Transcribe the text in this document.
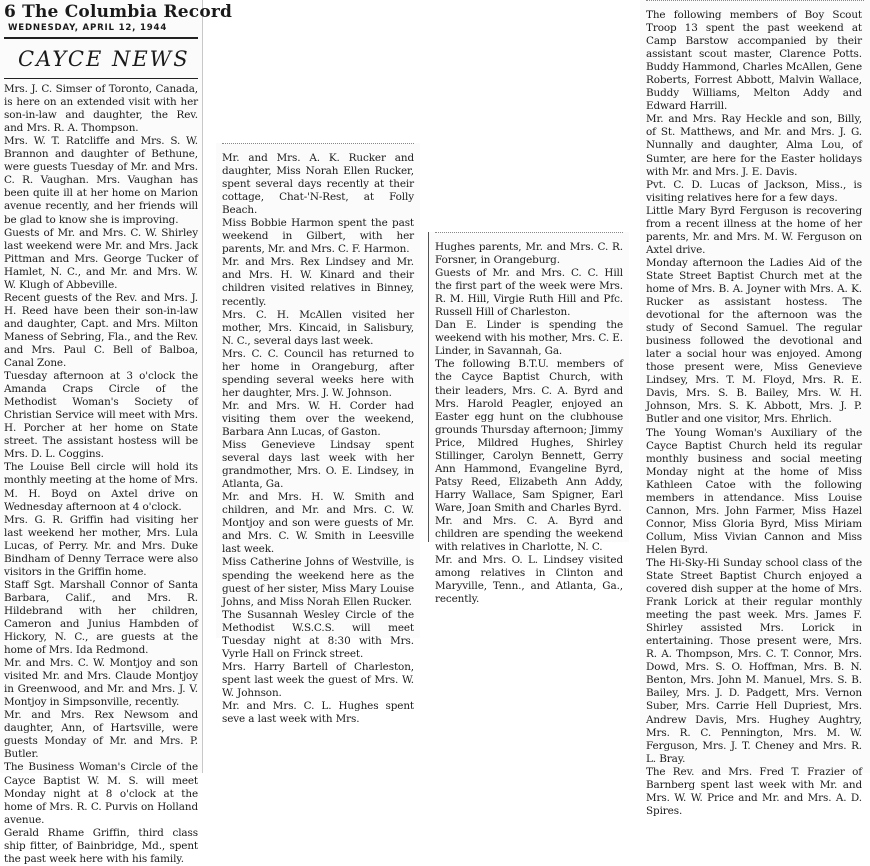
6 The Columbia Record
WEDNESDAY, APRIL 12, 1944
CAYCE NEWS

Mrs. J. C. Simser of Toronto, Canada, is here on an extended visit with her son-in-law and daughter, the Rev. and Mrs. R. A. Thompson.

Mrs. W. T. Ratcliffe and Mrs. S. W. Brannon and daughter of Bethune, were guests Tuesday of Mr. and Mrs. C. R. Vaughan. Mrs. Vaughan has been quite ill at her home on Marion avenue recently, and her friends will be glad to know she is improving.

Guests of Mr. and Mrs. C. W. Shirley last weekend were Mr. and Mrs. Jack Pittman and Mrs. George Tucker of Hamlet, N. C., and Mr. and Mrs. W. W. Klugh of Abbeville.

Recent guests of the Rev. and Mrs. J. H. Reed have been their son-in-law and daughter, Capt. and Mrs. Milton Maness of Sebring, Fla., and the Rev. and Mrs. Paul C. Bell of Balboa, Canal Zone.

Tuesday afternoon at 3 o'clock the Amanda Craps Circle of the Methodist Woman's Society of Christian Service will meet with Mrs. H. Porcher at her home on State street. The assistant hostess will be Mrs. D. L. Coggins.

The Louise Bell circle will hold its monthly meeting at the home of Mrs. M. H. Boyd on Axtel drive on Wednesday afternoon at 4 o'clock.

Mrs. G. R. Griffin had visiting her last weekend her mother, Mrs. Lula Lucas, of Perry. Mr. and Mrs. Duke Bindham of Denny Terrace were also visitors in the Griffin home.

Staff Sgt. Marshall Connor of Santa Barbara, Calif., and Mrs. R. Hildebrand with her children, Cameron and Junius Hambden of Hickory, N. C., are guests at the home of Mrs. Ida Redmond.

Mr. and Mrs. C. W. Montjoy and son visited Mr. and Mrs. Claude Montjoy in Greenwood, and Mr. and Mrs. J. V. Montjoy in Simpsonville, recently.

Mr. and Mrs. Rex Newsom and daughter, Ann, of Hartsville, were guests Monday of Mr. and Mrs. P. Butler.

The Business Woman's Circle of the Cayce Baptist W. M. S. will meet Monday night at 8 o'clock at the home of Mrs. R. C. Purvis on Holland avenue.

Gerald Rhame Griffin, third class ship fitter, of Bainbridge, Md., spent the past week here with his family.

Mr. and Mrs. A. K. Rucker and daughter, Miss Norah Ellen Rucker, spent several days recently at their cottage, Chat-'N-Rest, at Folly Beach.

Miss Bobbie Harmon spent the past weekend in Gilbert, with her parents, Mr. and Mrs. C. F. Harmon.

Mr. and Mrs. Rex Lindsey and Mr. and Mrs. H. W. Kinard and their children visited relatives in Binney, recently.

Mrs. C. H. McAllen visited her mother, Mrs. Kincaid, in Salisbury, N. C., several days last week.

Mrs. C. C. Council has returned to her home in Orangeburg, after spending several weeks here with her daughter, Mrs. J. W. Johnson.

Mr. and Mrs. W. H. Corder had visiting them over the weekend, Barbara Ann Lucas, of Gaston.

Miss Genevieve Lindsay spent several days last week with her grandmother, Mrs. O. E. Lindsey, in Atlanta, Ga.

Mr. and Mrs. H. W. Smith and children, and Mr. and Mrs. C. W. Montjoy and son were guests of Mr. and Mrs. C. W. Smith in Leesville last week.

Miss Catherine Johns of Westville, is spending the weekend here as the guest of her sister, Miss Mary Louise Johns, and Miss Norah Ellen Rucker.

The Susannah Wesley Circle of the Methodist W.S.C.S. will meet Tuesday night at 8:30 with Mrs. Vyrle Hall on Frinck street.

Mrs. Harry Bartell of Charleston, spent last week the guest of Mrs. W. W. Johnson.

Mr. and Mrs. C. L. Hughes spent seve a last week with Mrs.

Hughes parents, Mr. and Mrs. C. R. Forsner, in Orangeburg.

Guests of Mr. and Mrs. C. C. Hill the first part of the week were Mrs. R. M. Hill, Virgie Ruth Hill and Pfc. Russell Hill of Charleston.

Dan E. Linder is spending the weekend with his mother, Mrs. C. E. Linder, in Savannah, Ga.

The following B.T.U. members of the Cayce Baptist Church, with their leaders, Mrs. C. A. Byrd and Mrs. Harold Peagler, enjoyed an Easter egg hunt on the clubhouse grounds Thursday afternoon; Jimmy Price, Mildred Hughes, Shirley Stillinger, Carolyn Bennett, Gerry Ann Hammond, Evangeline Byrd, Patsy Reed, Elizabeth Ann Addy, Harry Wallace, Sam Spigner, Earl Ware, Joan Smith and Charles Byrd.

Mr. and Mrs. C. A. Byrd and children are spending the weekend with relatives in Charlotte, N. C.

Mr. and Mrs. O. L. Lindsey visited among relatives in Clinton and Maryville, Tenn., and Atlanta, Ga., recently.

The following members of Boy Scout Troop 13 spent the past weekend at Camp Barstow accompanied by their assistant scout master, Clarence Potts. Buddy Hammond, Charles McAllen, Gene Roberts, Forrest Abbott, Malvin Wallace, Buddy Williams, Melton Addy and Edward Harrill.

Mr. and Mrs. Ray Heckle and son, Billy, of St. Matthews, and Mr. and Mrs. J. G. Nunnally and daughter, Alma Lou, of Sumter, are here for the Easter holidays with Mr. and Mrs. J. E. Davis.

Pvt. C. D. Lucas of Jackson, Miss., is visiting relatives here for a few days.

Little Mary Byrd Ferguson is recovering from a recent illness at the home of her parents, Mr. and Mrs. M. W. Ferguson on Axtel drive.

Monday afternoon the Ladies Aid of the State Street Baptist Church met at the home of Mrs. B. A. Joyner with Mrs. A. K. Rucker as assistant hostess. The devotional for the afternoon was the study of Second Samuel. The regular business followed the devotional and later a social hour was enjoyed. Among those present were, Miss Genevieve Lindsey, Mrs. T. M. Floyd, Mrs. R. E. Davis, Mrs. S. B. Bailey, Mrs. W. H. Johnson, Mrs. S. K. Abbott, Mrs. J. P. Butler and one visitor, Mrs. Ehrlich.

The Young Woman's Auxiliary of the Cayce Baptist Church held its regular monthly business and social meeting Monday night at the home of Miss Kathleen Catoe with the following members in attendance. Miss Louise Cannon, Mrs. John Farmer, Miss Hazel Connor, Miss Gloria Byrd, Miss Miriam Collum, Miss Vivian Cannon and Miss Helen Byrd.

The Hi-Sky-Hi Sunday school class of the State Street Baptist Church enjoyed a covered dish supper at the home of Mrs. Frank Lorick at their regular monthly meeting the past week. Mrs. James F. Shirley assisted Mrs. Lorick in entertaining. Those present were, Mrs. R. A. Thompson, Mrs. C. T. Connor, Mrs. Dowd, Mrs. S. O. Hoffman, Mrs. B. N. Benton, Mrs. John M. Manuel, Mrs. S. B. Bailey, Mrs. J. D. Padgett, Mrs. Vernon Suber, Mrs. Carrie Hell Dupriest, Mrs. Andrew Davis, Mrs. Hughey Aughtry, Mrs. R. C. Pennington, Mrs. M. W. Ferguson, Mrs. J. T. Cheney and Mrs. R. L. Bray.

The Rev. and Mrs. Fred T. Frazier of Barnberg spent last week with Mr. and Mrs. W. W. Price and Mr. and Mrs. A. D. Spires.
